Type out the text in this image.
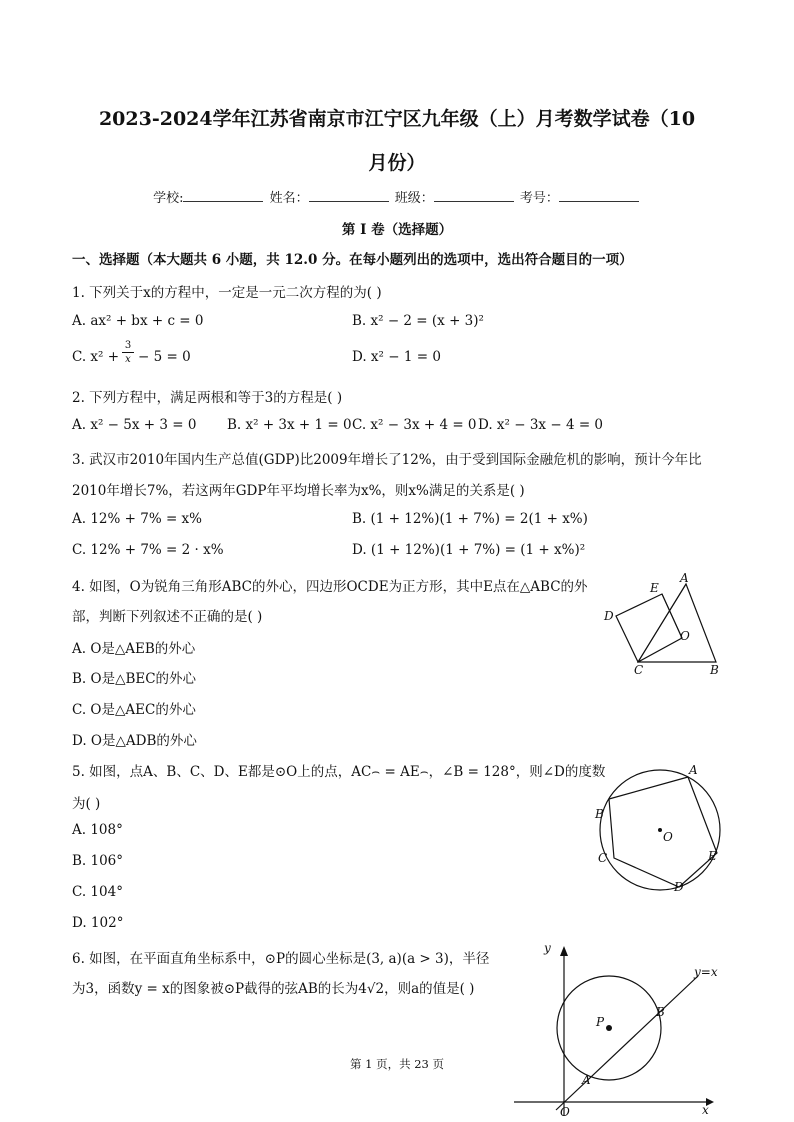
2023-2024学年江苏省南京市江宁区九年级（上）月考数学试卷（10
月份）
学校:	姓名：	班级：	考号：
第 I 卷（选择题）
一、选择题（本大题共 6 小题，共 12.0 分。在每小题列出的选项中，选出符合题目的一项）
1. 下列关于x的方程中，一定是一元二次方程的为( )
A. ax² + bx + c = 0	B. x² − 2 = (x + 3)²
C. x² +
3
x − 5 = 0	D. x² − 1 = 0
2. 下列方程中，满足两根和等于3的方程是( )
A. x² − 5x + 3 = 0 B. x² + 3x + 1 = 0 C. x² − 3x + 4 = 0 D. x² − 3x − 4 = 0
3. 武汉市2010年国内生产总值(GDP)比2009年增长了12%，由于受到国际金融危机的影响，预计今年比
2010年增长7%，若这两年GDP年平均增长率为x%，则x%满足的关系是( )
A. 12% + 7% = x%	B. (1 + 12%)(1 + 7%) = 2(1 + x%)
C. 12% + 7% = 2 · x%	D. (1 + 12%)(1 + 7%) = (1 + x%)²
4. 如图，O为锐角三角形ABC的外心，四边形OCDE为正方形，其中E点在△ABC的外
部，判断下列叙述不正确的是( )
A. O是△AEB的外心
B. O是△BEC的外心
C. O是△AEC的外心
D. O是△ADB的外心
E
A
D
O
C	B
5. 如图，点A、B、C、D、E都是⊙O上的点，AC⌢ = AE⌢，∠B = 128°，则∠D的度数
为( )
A. 108°
B. 106°
C. 104°
D. 102°
A
B
O
C	E
D
6. 如图，在平面直角坐标系中，⊙P的圆心坐标是(3, a)(a > 3)，半径
为3，函数y = x的图象被⊙P截得的弦AB的长为4√2，则a的值是( )
y
y=x
P
B
A
O	x
第 1 页，共 23 页
